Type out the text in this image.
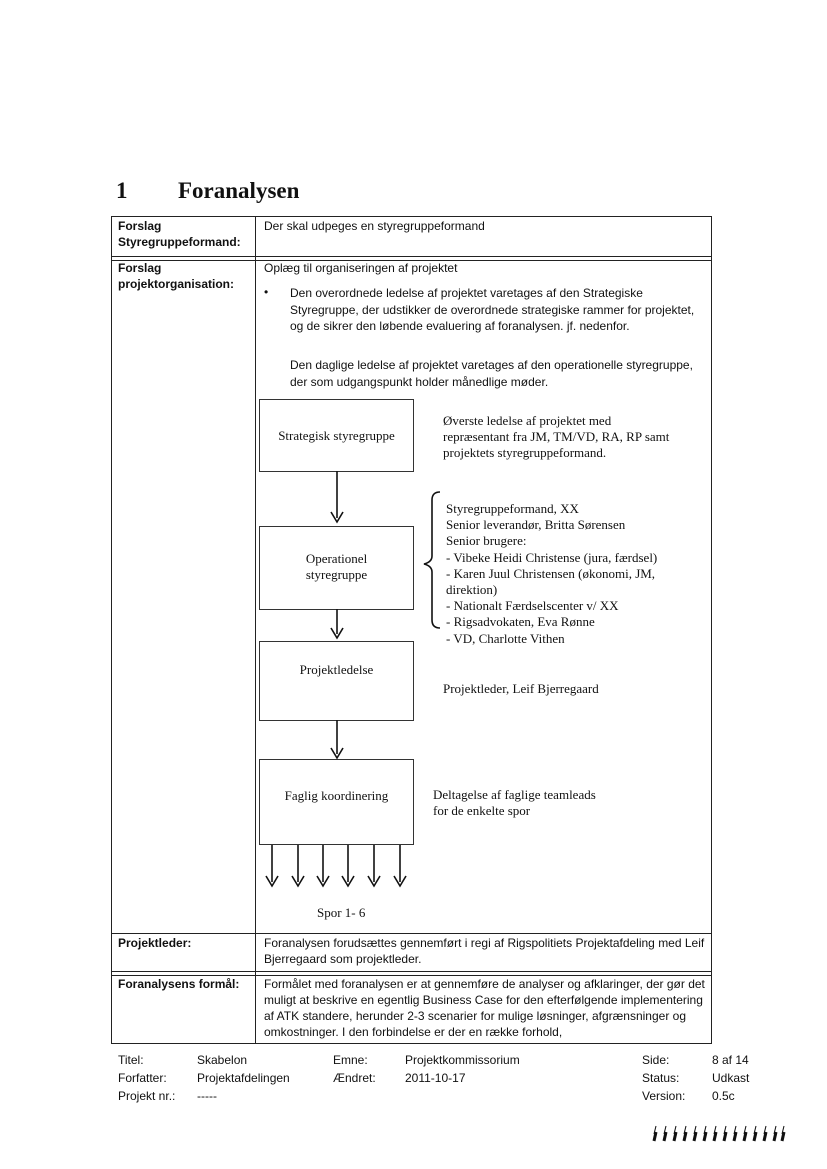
1 Foranalysen
Forslag
Styregruppeformand:
Der skal udpeges en styregruppeformand
Forslag
projektorganisation:
Oplæg til organiseringen af projektet
• Den overordnede ledelse af projektet varetages af den Strategiske Styregruppe, der udstikker de overordnede strategiske rammer for projektet, og de sikrer den løbende evaluering af foranalysen. jf. nedenfor.
Den daglige ledelse af projektet varetages af den operationelle styregruppe, der som udgangspunkt holder månedlige møder.
Strategisk styregruppe
Operationel
styregruppe
Projektledelse
Faglig koordinering
Øverste ledelse af projektet med
repræsentant fra JM, TM/VD, RA, RP samt
projektets styregruppeformand.
Styregruppeformand, XX
Senior leverandør, Britta Sørensen
Senior brugere:
- Vibeke Heidi Christense (jura, færdsel)
- Karen Juul Christensen (økonomi, JM,
direktion)
- Nationalt Færdselscenter v/ XX
- Rigsadvokaten, Eva Rønne
- VD, Charlotte Vithen
Projektleder, Leif Bjerregaard
Deltagelse af faglige teamleads
for de enkelte spor
Spor 1- 6
Projektleder:	Foranalysen forudsættes gennemført i regi af Rigspolitiets Projektafdeling med Leif Bjerregaard som projektleder.
Foranalysens formål: Formålet med foranalysen er at gennemføre de analyser og afklaringer, der gør det muligt at beskrive en egentlig Business Case for den efterfølgende implementering af ATK standere, herunder 2-3 scenarier for mulige løsninger, afgrænsninger og omkostninger. I den forbindelse er der en række forhold,
Titel:
Forfatter:
Projekt nr.:
Skabelon
Projektafdelingen
-----
Emne:
Ændret:
Projektkommissorium
2011-10-17
Side:
Status:
Version:
8 af 14
Udkast
0.5c
